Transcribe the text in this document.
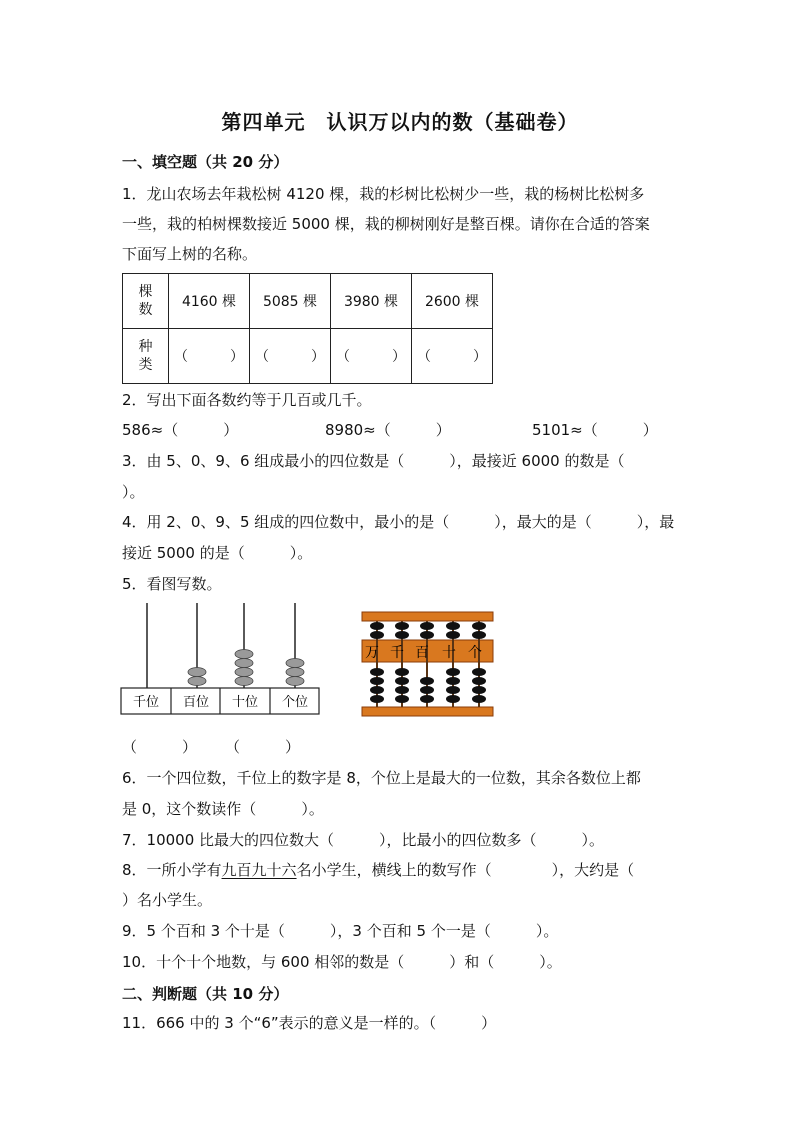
第四单元　认识万以内的数（基础卷）
一、填空题（共 20 分）
1．龙山农场去年栽松树 4120 棵，栽的杉树比松树少一些，栽的杨树比松树多
一些，栽的柏树棵数接近 5000 棵，栽的柳树刚好是整百棵。请你在合适的答案
下面写上树的名称。
棵
数	4160 棵	5085 棵	3980 棵	2600 棵
种
类	（　　　）	（　　　）	（　　　）	（　　　）
2．写出下面各数约等于几百或几千。
586≈（　　　）	8980≈（　　　）	5101≈（　　　）
3．由 5、0、9、6 组成最小的四位数是（　　　），最接近 6000 的数是（
）。
4．用 2、0、9、5 组成的四位数中，最小的是（　　　），最大的是（　　　），最
接近 5000 的是（　　　）。
5．看图写数。
千位 百位 十位 个位
万 千 百 十 个
（　　　） （　　　）
6．一个四位数，千位上的数字是 8，个位上是最大的一位数，其余各数位上都
是 0，这个数读作（　　　）。
7．10000 比最大的四位数大（　　　），比最小的四位数多（　　　）。
8．一所小学有九百九十六名小学生，横线上的数写作（　　　　），大约是（
）名小学生。
9．5 个百和 3 个十是（　　　），3 个百和 5 个一是（　　　）。
10．十个十个地数，与 600 相邻的数是（　　　）和（　　　）。
二、判断题（共 10 分）
11．666 中的 3 个“6”表示的意义是一样的。（　　　）
